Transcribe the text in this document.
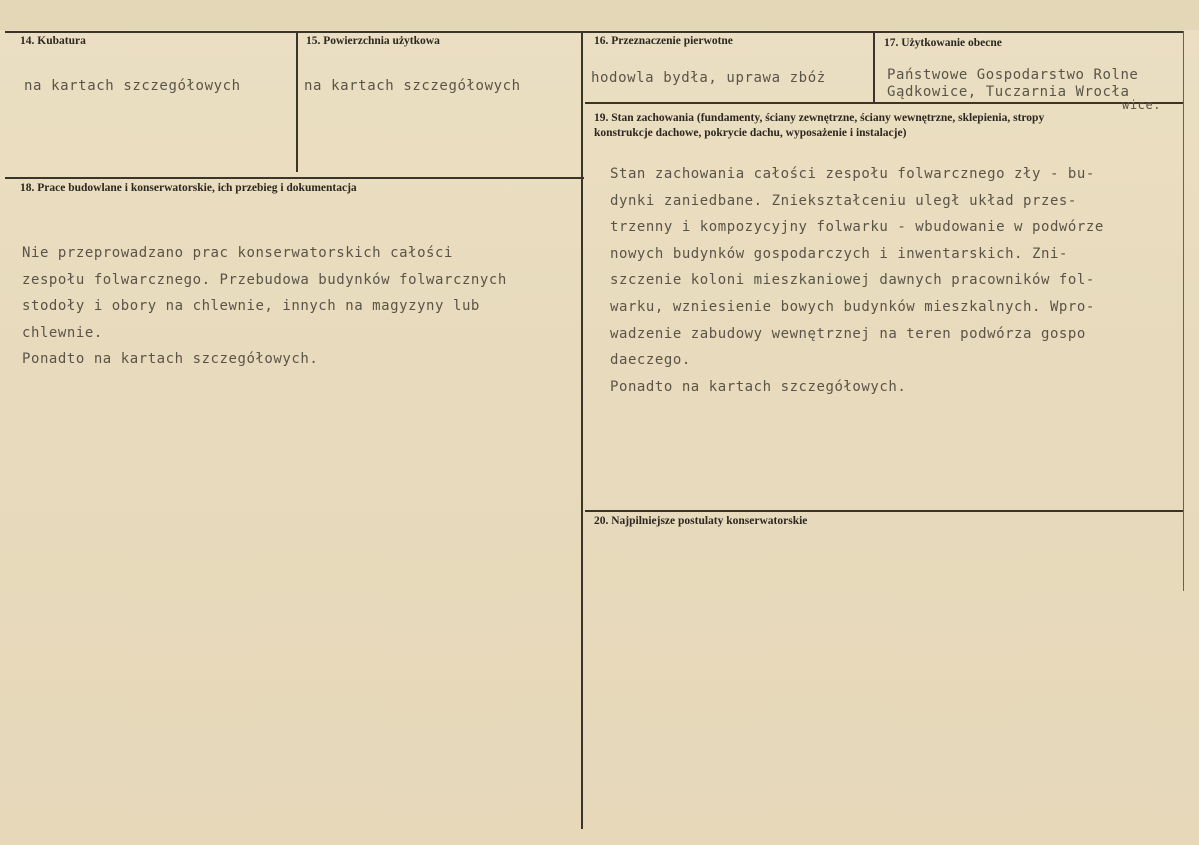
14. Kubatura
na kartach szczegółowych
15. Powierzchnia użytkowa
na kartach szczegółowych
16. Przeznaczenie pierwotne
hodowla bydła, uprawa zbóż
17. Użytkowanie obecne
Państwowe Gospodarstwo Rolne
Gądkowice, Tuczarnia Wrocła
wice.
18. Prace budowlane i konserwatorskie, ich przebieg i dokumentacja
Nie przeprowadzano prac konserwatorskich całości
zespołu folwarcznego. Przebudowa budynków folwarcznych
stodoły i obory na chlewnie, innych na magyzyny lub
chlewnie.
Ponadto na kartach szczegółowych.
19. Stan zachowania (fundamenty, ściany zewnętrzne, ściany wewnętrzne, sklepienia, stropy
konstrukcje dachowe, pokrycie dachu, wyposażenie i instalacje)
Stan zachowania całości zespołu folwarcznego zły - bu-
dynki zaniedbane. Zniekształceniu uległ układ przes-
trzenny i kompozycyjny folwarku - wbudowanie w podwórze
nowych budynków gospodarczych i inwentarskich. Zni-
szczenie koloni mieszkaniowej dawnych pracowników fol-
warku, wzniesienie bowych budynków mieszkalnych. Wpro-
wadzenie zabudowy wewnętrznej na teren podwórza gospo
daeczego.
Ponadto na kartach szczegółowych.
20. Najpilniejsze postulaty konserwatorskie
